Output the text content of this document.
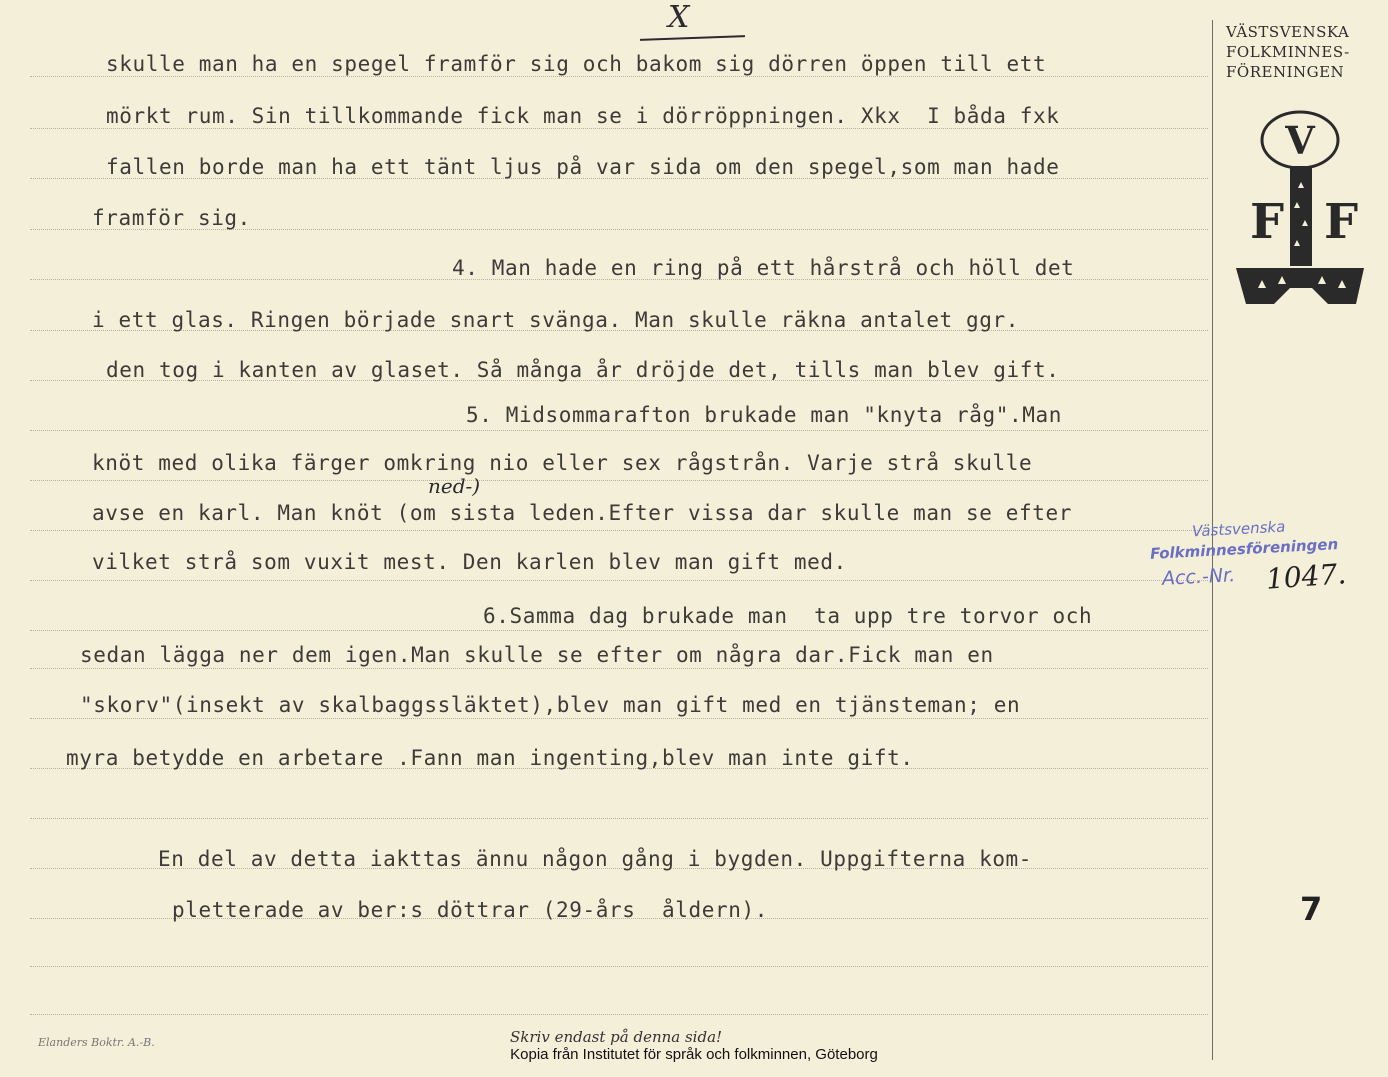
X
skulle man ha en spegel framför sig och bakom sig dörren öppen till ett
mörkt rum. Sin tillkommande fick man se i dörröppningen. Xkx  I båda fxk
fallen borde man ha ett tänt ljus på var sida om den spegel,som man hade
framför sig.
4. Man hade en ring på ett hårstrå och höll det
i ett glas. Ringen började snart svänga. Man skulle räkna antalet ggr.
den tog i kanten av glaset. Så många år dröjde det, tills man blev gift.
5. Midsommarafton brukade man "knyta råg".Man
knöt med olika färger omkring nio eller sex rågstrån. Varje strå skulle
avse en karl. Man knöt (om sista leden.Efter vissa dar skulle man se efter
vilket strå som vuxit mest. Den karlen blev man gift med.
6.Samma dag brukade man  ta upp tre torvor och
sedan lägga ner dem igen.Man skulle se efter om några dar.Fick man en
"skorv"(insekt av skalbaggssläktet),blev man gift med en tjänsteman; en
myra betydde en arbetare .Fann man ingenting,blev man inte gift.
En del av detta iakttas ännu någon gång i bygden. Uppgifterna kom-
pletterade av ber:s döttrar (29-års  åldern).
ned-)
VÄSTSVENSKA
FOLKMINNES-
FÖRENINGEN
V
F F
Västsvenska
Folkminnesföreningen
Acc.-Nr. 1047.
7
Elanders Boktr. A.-B.	Skriv endast på denna sida!
Kopia från Institutet för språk och folkminnen, Göteborg
